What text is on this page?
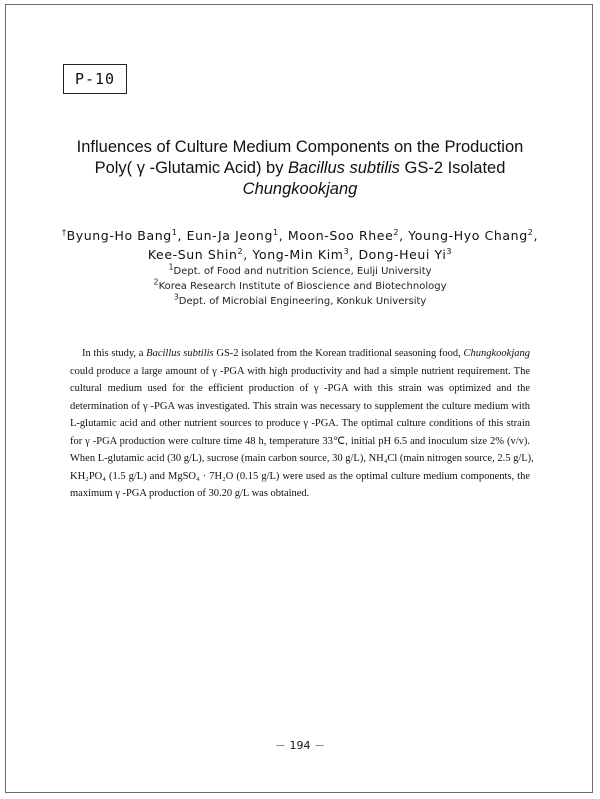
P-10
Influences of Culture Medium Components on the Production
Poly( γ -Glutamic Acid) by Bacillus subtilis GS-2 Isolated
Chungkookjang
†Byung-Ho Bang$^1$, Eun-Ja Jeong$^1$, Moon-Soo Rhee$^2$, Young-Hyo Chang$^2$,
Kee-Sun Shin$^2$, Yong-Min Kim$^3$, Dong-Heui Yi$^3$
$^1$Dept. of Food and nutrition Science, Eulji University
$^2$Korea Research Institute of Bioscience and Biotechnology
$^3$Dept. of Microbial Engineering, Konkuk University
In this study, a Bacillus subtilis GS-2 isolated from the Korean traditional seasoning food, Chungkookjang
could produce a large amount of γ -PGA with high productivity and had a simple nutrient requirement. The
cultural medium used for the efficient production of γ -PGA with this strain was optimized and the
determination of γ -PGA was investigated. This strain was necessary to supplement the culture medium with
L-glutamic acid and other nutrient sources to produce γ -PGA. The optimal culture conditions of this strain
for γ -PGA production were culture time 48 h, temperature 33℃, initial pH 6.5 and inoculum size 2% (v/v).
When L-glutamic acid (30 g/L), sucrose (main carbon source, 30 g/L), NH₄Cl (main nitrogen source, 2.5 g/L),
KH₂PO₄ (1.5 g/L) and MgSO₄ · 7H₂O (0.15 g/L) were used as the optimal culture medium components, the
maximum γ -PGA production of 30.20 g/L was obtained.
－ 194 －
